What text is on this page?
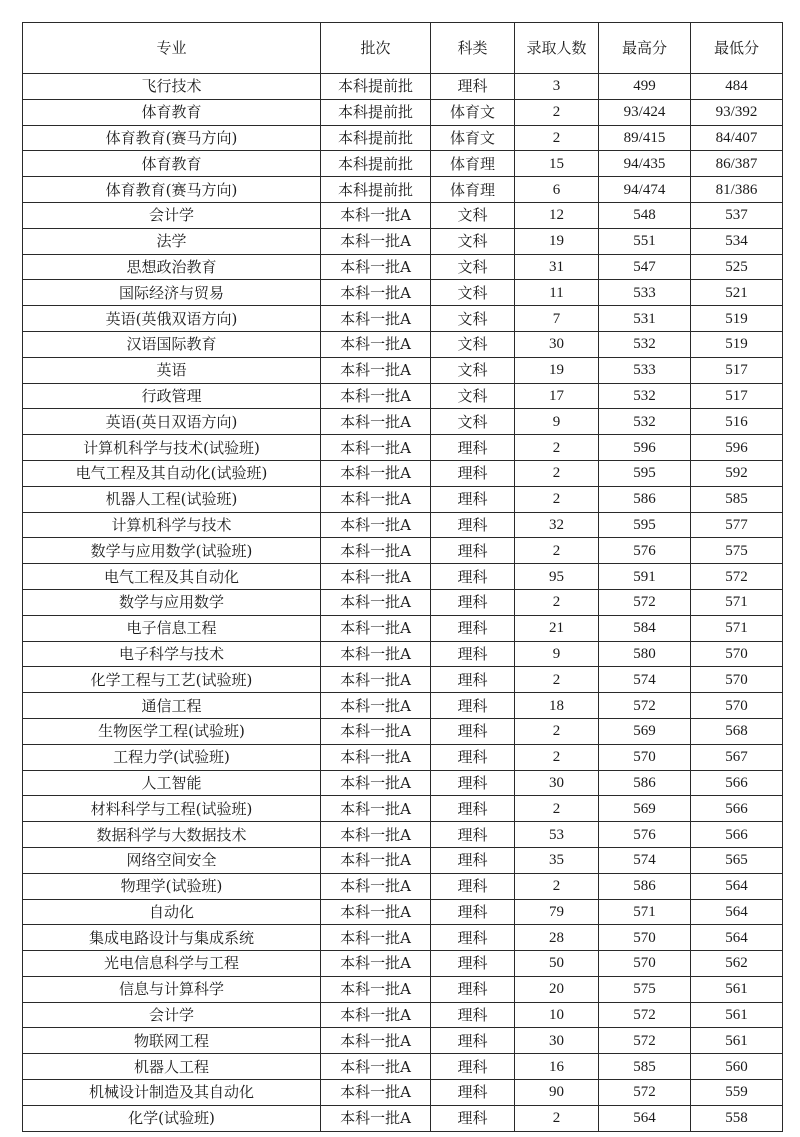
专业	批次	科类	录取人数	最高分	最低分
飞行技术	本科提前批	理科	3	499	484
体育教育	本科提前批	体育文	2	93/424	93/392
体育教育(赛马方向)	本科提前批	体育文	2	89/415	84/407
体育教育	本科提前批	体育理	15	94/435	86/387
体育教育(赛马方向)	本科提前批	体育理	6	94/474	81/386
会计学	本科一批A	文科	12	548	537
法学	本科一批A	文科	19	551	534
思想政治教育	本科一批A	文科	31	547	525
国际经济与贸易	本科一批A	文科	11	533	521
英语(英俄双语方向)	本科一批A	文科	7	531	519
汉语国际教育	本科一批A	文科	30	532	519
英语	本科一批A	文科	19	533	517
行政管理	本科一批A	文科	17	532	517
英语(英日双语方向)	本科一批A	文科	9	532	516
计算机科学与技术(试验班)	本科一批A	理科	2	596	596
电气工程及其自动化(试验班)	本科一批A	理科	2	595	592
机器人工程(试验班)	本科一批A	理科	2	586	585
计算机科学与技术	本科一批A	理科	32	595	577
数学与应用数学(试验班)	本科一批A	理科	2	576	575
电气工程及其自动化	本科一批A	理科	95	591	572
数学与应用数学	本科一批A	理科	2	572	571
电子信息工程	本科一批A	理科	21	584	571
电子科学与技术	本科一批A	理科	9	580	570
化学工程与工艺(试验班)	本科一批A	理科	2	574	570
通信工程	本科一批A	理科	18	572	570
生物医学工程(试验班)	本科一批A	理科	2	569	568
工程力学(试验班)	本科一批A	理科	2	570	567
人工智能	本科一批A	理科	30	586	566
材料科学与工程(试验班)	本科一批A	理科	2	569	566
数据科学与大数据技术	本科一批A	理科	53	576	566
网络空间安全	本科一批A	理科	35	574	565
物理学(试验班)	本科一批A	理科	2	586	564
自动化	本科一批A	理科	79	571	564
集成电路设计与集成系统	本科一批A	理科	28	570	564
光电信息科学与工程	本科一批A	理科	50	570	562
信息与计算科学	本科一批A	理科	20	575	561
会计学	本科一批A	理科	10	572	561
物联网工程	本科一批A	理科	30	572	561
机器人工程	本科一批A	理科	16	585	560
机械设计制造及其自动化	本科一批A	理科	90	572	559
化学(试验班)	本科一批A	理科	2	564	558
